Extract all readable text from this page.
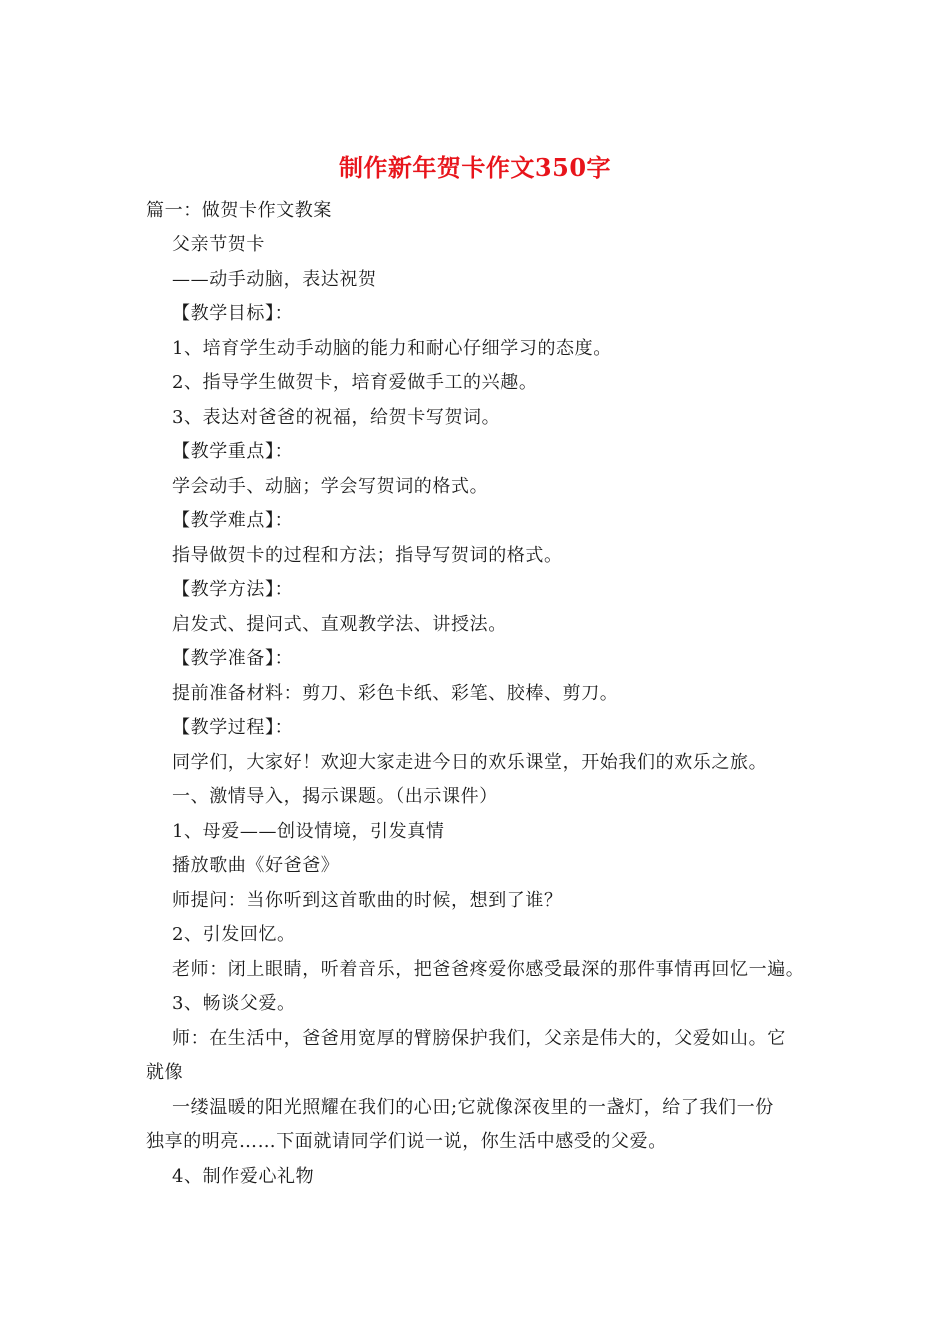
制作新年贺卡作文350字
篇一：做贺卡作文教案
父亲节贺卡
——动手动脑，表达祝贺
【教学目标】：
1、培育学生动手动脑的能力和耐心仔细学习的态度。
2、指导学生做贺卡，培育爱做手工的兴趣。
3、表达对爸爸的祝福，给贺卡写贺词。
【教学重点】：
学会动手、动脑；学会写贺词的格式。
【教学难点】：
指导做贺卡的过程和方法；指导写贺词的格式。
【教学方法】：
启发式、提问式、直观教学法、讲授法。
【教学准备】：
提前准备材料：剪刀、彩色卡纸、彩笔、胶棒、剪刀。
【教学过程】：
同学们，大家好！欢迎大家走进今日的欢乐课堂，开始我们的欢乐之旅。
一、激情导入，揭示课题。（出示课件）
1、母爱——创设情境，引发真情
播放歌曲《好爸爸》
师提问：当你听到这首歌曲的时候，想到了谁？
2、引发回忆。
老师：闭上眼睛，听着音乐，把爸爸疼爱你感受最深的那件事情再回忆一遍。
3、畅谈父爱。
师：在生活中，爸爸用宽厚的臂膀保护我们，父亲是伟大的，父爱如山。它
就像
一缕温暖的阳光照耀在我们的心田;它就像深夜里的一盏灯，给了我们一份
独享的明亮……下面就请同学们说一说，你生活中感受的父爱。
4、制作爱心礼物
